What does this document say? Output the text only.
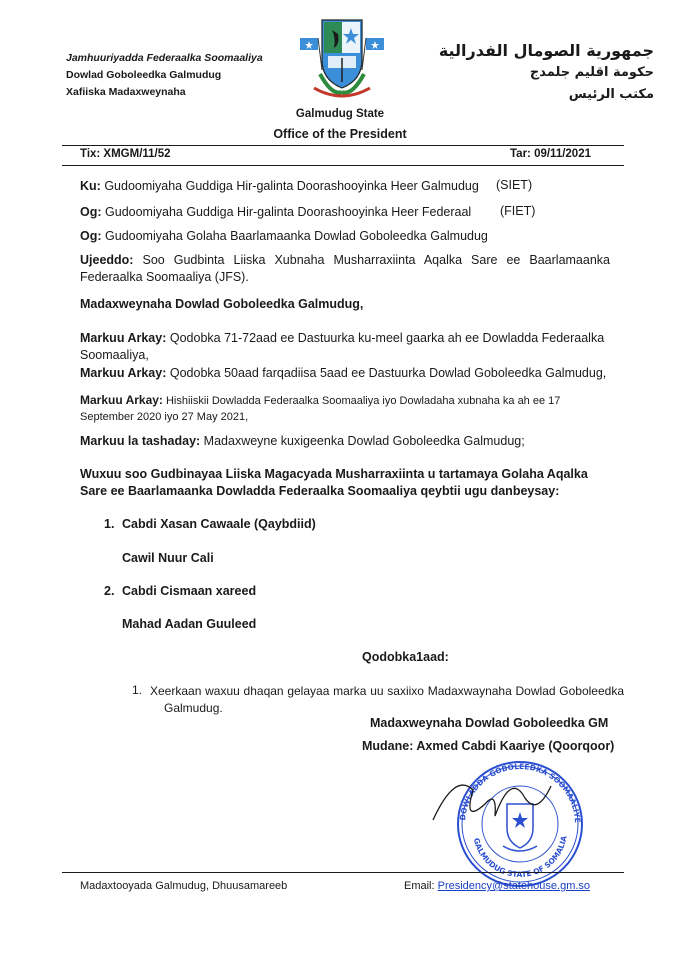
Jamhuuriyadda Federaalka Soomaaliya
Dowlad Goboleedka Galmudug
Xafiiska Madaxweynaha
جمهورية الصومال الفدرالية
حكومة اقليم جلمدج
مكتب الرئيس
Galmudug State
Office of the President
Tix: XMGM/11/52	Tar: 09/11/2021
Ku: Gudoomiyaha Guddiga Hir-galinta Doorashooyinka Heer Galmudug	(SIET)
Og: Gudoomiyaha Guddiga Hir-galinta Doorashooyinka Heer Federaal	(FIET)
Og: Gudoomiyaha Golaha Baarlamaanka Dowlad Goboleedka Galmudug
Ujeeddo: Soo Gudbinta Liiska Xubnaha Musharraxiinta Aqalka Sare ee Baarlamaanka Federaalka Soomaaliya (JFS).
Madaxweynaha Dowlad Goboleedka Galmudug,
Markuu Arkay: Qodobka 71-72aad ee Dastuurka ku-meel gaarka ah ee Dowladda Federaalka Soomaaliya,
Markuu Arkay: Qodobka 50aad farqadiisa 5aad ee Dastuurka Dowlad Goboleedka Galmudug,
Markuu Arkay: Hishiiskii Dowladda Federaalka Soomaaliya iyo Dowladaha xubnaha ka ah ee 17 September 2020 iyo 27 May 2021,
Markuu la tashaday: Madaxweyne kuxigeenka Dowlad Goboleedka Galmudug;
Wuxuu soo Gudbinayaa Liiska Magacyada Musharraxiinta u tartamaya Golaha Aqalka Sare ee Baarlamaanka Dowladda Federaalka Soomaaliya qeybtii ugu danbeysay:
1. Cabdi Xasan Cawaale (Qaybdiid)
Cawil Nuur Cali
2. Cabdi Cismaan xareed
Mahad Aadan Guuleed
Qodobka1aad:
1. Xeerkaan waxuu dhaqan gelayaa marka uu saxiixo Madaxwaynaha Dowlad Goboleedka Galmudug.
Madaxweynaha Dowlad Goboleedka GM
Mudane: Axmed Cabdi Kaariye (Qoorqoor)
DOWLADDA GOBOLEEDKA SOOMAALIYE
GALMUDUG STATE OF SOMALIA
Madaxtooyada Galmudug, Dhuusamareeb	Email: Presidency@statehouse.gm.so
